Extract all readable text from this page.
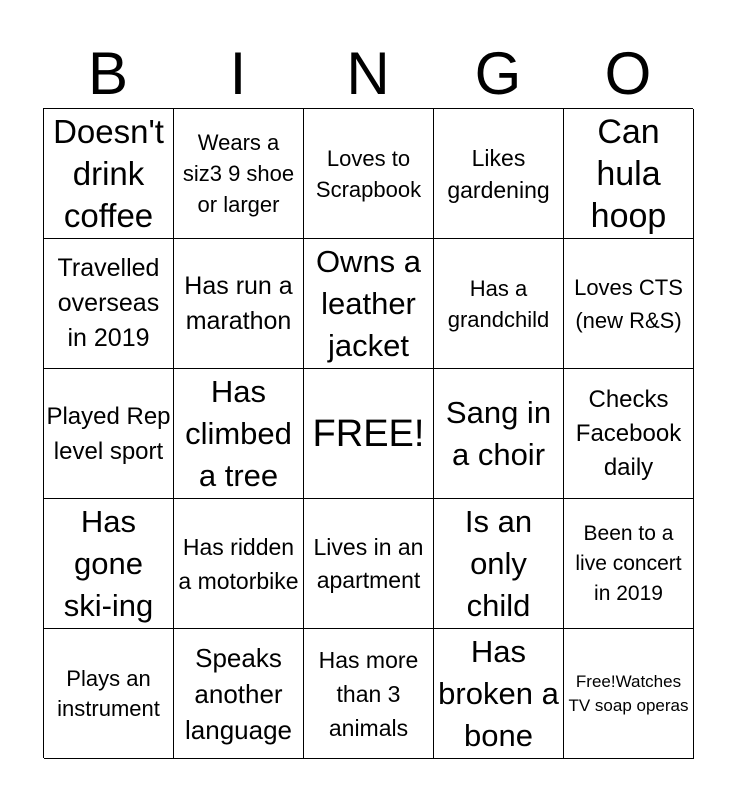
B	I	N	G	O
Doesn't drink coffee
Wears a siz3 9 shoe or larger
Loves to Scrapbook
Likes gardening
Can hula hoop
Travelled overseas in 2019
Has run a marathon
Owns a leather jacket
Has a grandchild
Loves CTS (new R&S)
Played Rep level sport
Has climbed a tree
FREE!
Sang in a choir
Checks Facebook daily
Has gone ski-ing
Has ridden a motorbike
Lives in an apartment
Is an only child
Been to a live concert in 2019
Plays an instrument
Speaks another language
Has more than 3 animals
Has broken a bone
Free!Watches TV soap operas
